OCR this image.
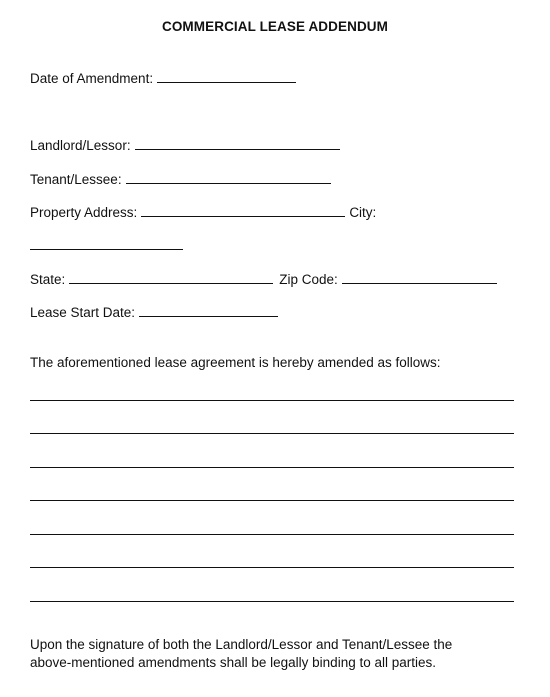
COMMERCIAL LEASE ADDENDUM
Date of Amendment:
Landlord/Lessor:
Tenant/Lessee:
Property Address:	City:
State:	Zip Code:
Lease Start Date:
The aforementioned lease agreement is hereby amended as follows:
Upon the signature of both the Landlord/Lessor and Tenant/Lessee the
above-mentioned amendments shall be legally binding to all parties.
